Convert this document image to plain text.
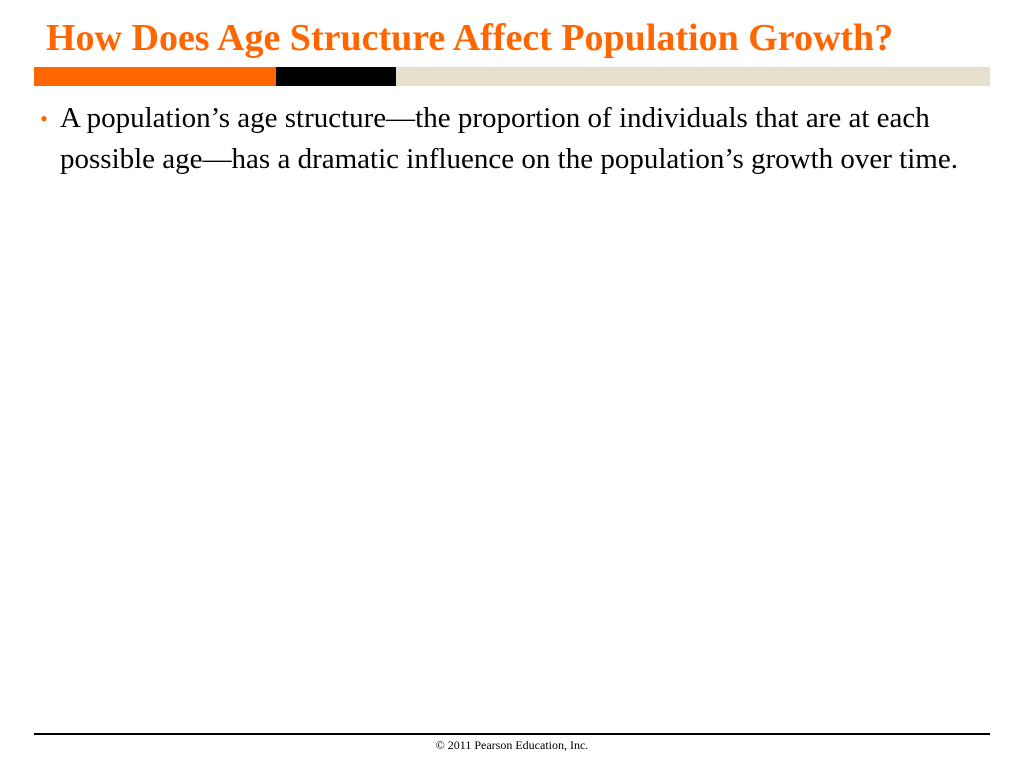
How Does Age Structure Affect Population Growth?
• A population’s age structure—the proportion of individuals that are at each possible age—has a dramatic influence on the population’s growth over time.
© 2011 Pearson Education, Inc.
